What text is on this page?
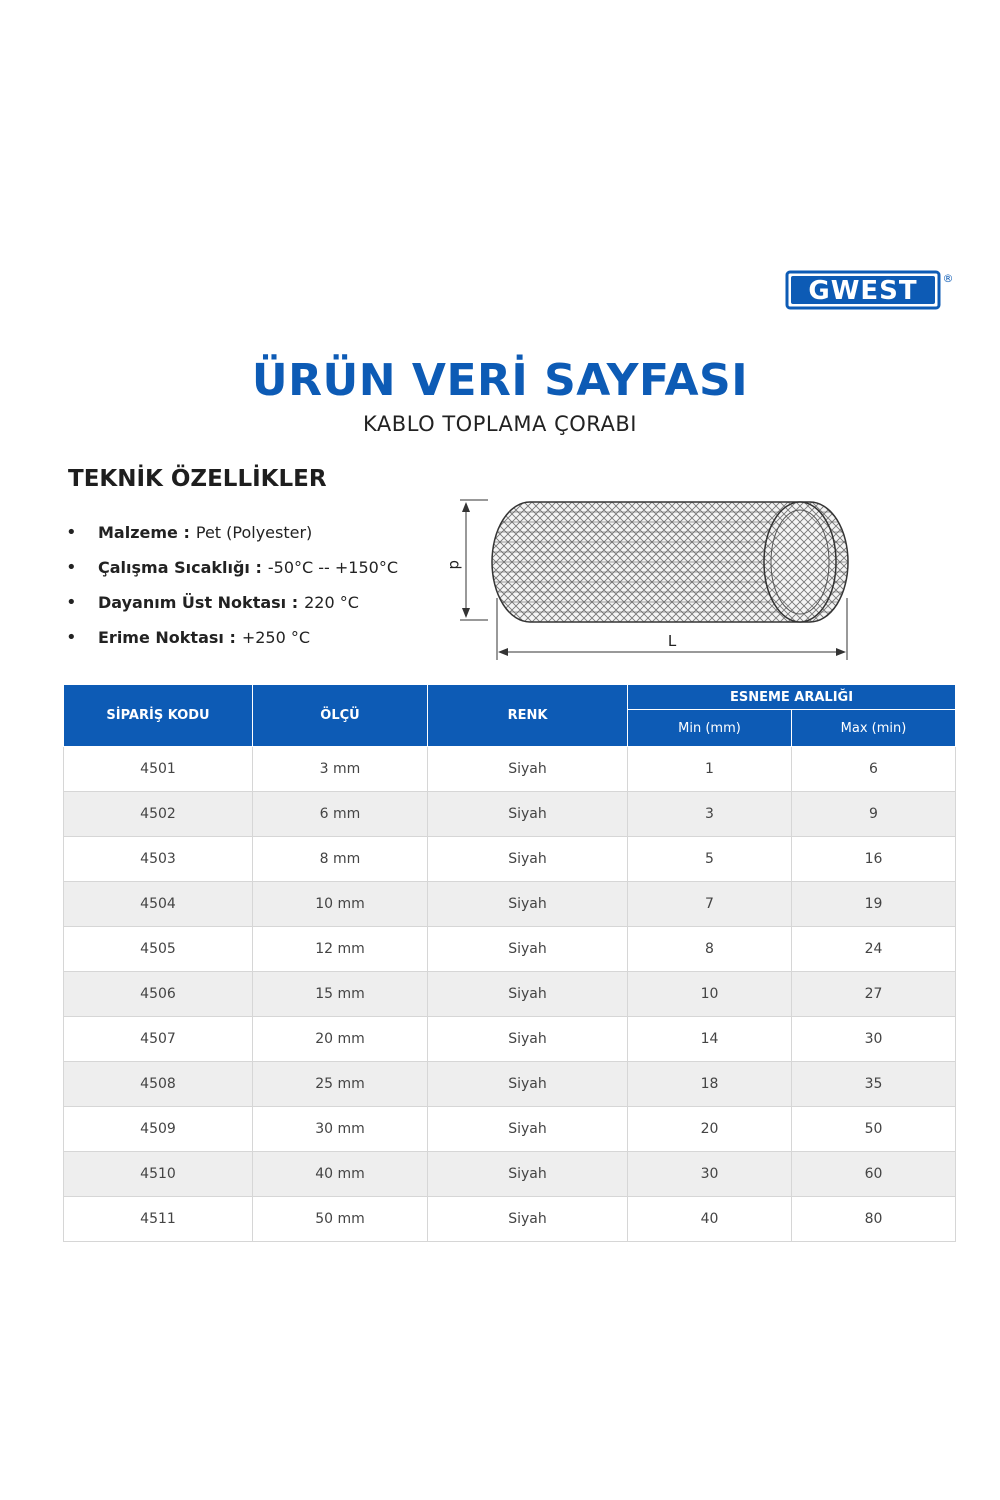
GWEST ®
ÜRÜN VERİ SAYFASI
KABLO TOPLAMA ÇORABI
TEKNİK ÖZELLİKLER
•	Malzeme : Pet (Polyester)
•	Çalışma Sıcaklığı : -50°C -- +150°C
•	Dayanım Üst Noktası : 220 °C
•	Erime Noktası : +250 °C
d
L
SİPARİŞ KODU	ÖLÇÜ	RENK	ESNEME ARALIĞI	
			Min (mm)	Max (min)
4501	3 mm	Siyah	1	6
4502	6 mm	Siyah	3	9
4503	8 mm	Siyah	5	16
4504	10 mm	Siyah	7	19
4505	12 mm	Siyah	8	24
4506	15 mm	Siyah	10	27
4507	20 mm	Siyah	14	30
4508	25 mm	Siyah	18	35
4509	30 mm	Siyah	20	50
4510	40 mm	Siyah	30	60
4511	50 mm	Siyah	40	80
